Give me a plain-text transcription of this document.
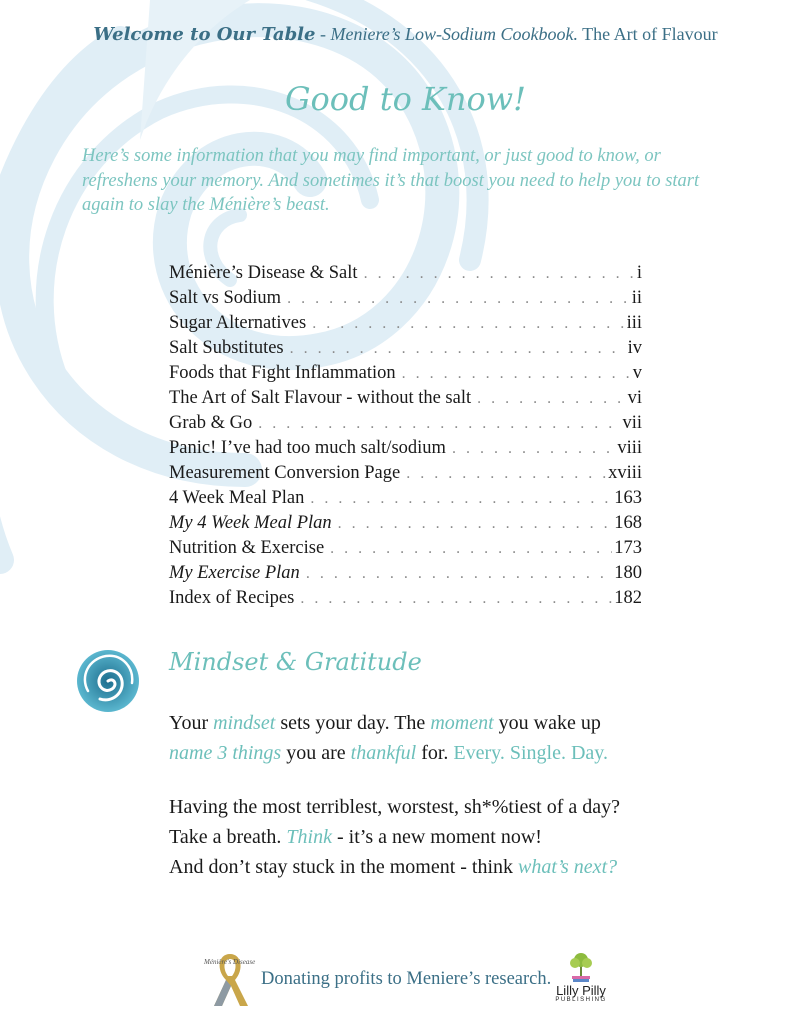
Welcome to Our Table - Meniere’s Low-Sodium Cookbook. The Art of Flavour
Good to Know!
Here’s some information that you may find important, or just good to know, or refreshens your memory. And sometimes it’s that boost you need to help you to start again to slay the Ménière’s beast.
Ménière’s Disease & Salt . . .	i
Salt vs Sodium . . .	ii
Sugar Alternatives . . .	iii
Salt Substitutes . . .	iv
Foods that Fight Inflammation . . .	v
The Art of Salt Flavour - without the salt . . .	vi
Grab & Go . . .	vii
Panic! I’ve had too much salt/sodium . . .	viii
Measurement Conversion Page . . .	xviii
4 Week Meal Plan . . .	163
My 4 Week Meal Plan . . .	168
Nutrition & Exercise . . .	173
My Exercise Plan . . .	180
Index of Recipes . . .	182
Mindset & Gratitude
Your mindset sets your day. The moment you wake up
name 3 things you are thankful for. Every. Single. Day.
Having the most terriblest, worstest, sh*%tiest of a day?
Take a breath. Think - it’s a new moment now!
And don’t stay stuck in the moment - think what’s next?
Ménière's Disease
Donating profits to Meniere’s research.
Lilly Pilly
PUBLISHING
